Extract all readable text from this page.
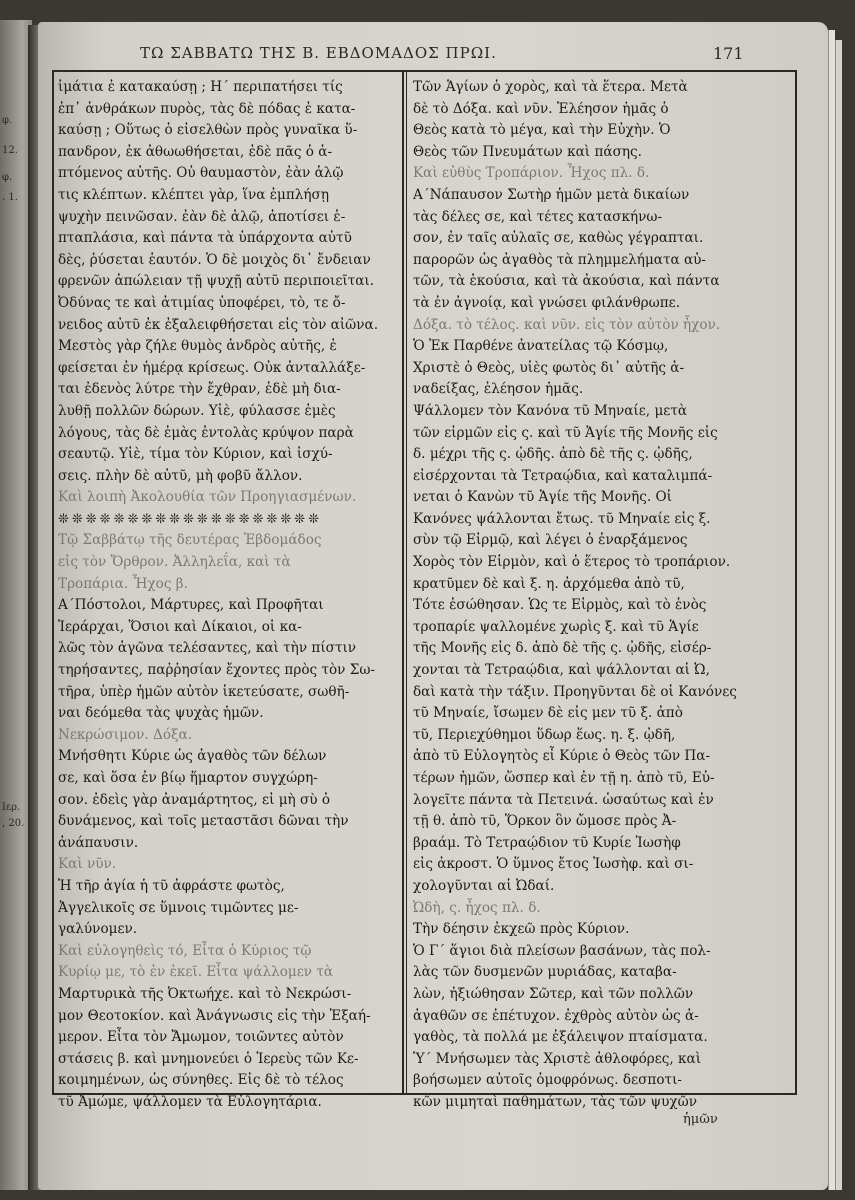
φ.
12.
φ.
. 1.
Ιερ.
, 20.
ΤΩ ΣΑΒΒΑΤΩ ΤΗΣ Β. ΕΒΔΟΜΑΔΟΣ ΠΡΩΙ.	171
ἱμάτια ἐ κατακαύσῃ ; Η΄ περιπατήσει τίς
ἐπ᾿ ἀνθράκων πυρὸς, τὰς δὲ πόδας ἐ κατα-
καύσῃ ; Οὕτως ὁ εἰσελθὼν πρὸς γυναῖκα ὕ-
πανδρον, ἐκ ἀθωωθήσεται, ἐδὲ πᾶς ὁ ἁ-
πτόμενος αὐτῆς. Οὐ θαυμαστὸν, ἐὰν ἁλῷ
τις κλέπτων. κλέπτει γὰρ, ἵνα ἐμπλήσῃ
ψυχὴν πεινῶσαν. ἐὰν δὲ ἁλῷ, ἀποτίσει ἑ-
πταπλάσια, καὶ πάντα τὰ ὑπάρχοντα αὐτῦ
δὲς, ῥύσεται ἑαυτόν. Ὁ δὲ μοιχὸς δι᾿ ἔνδειαν
φρενῶν ἀπώλειαν τῇ ψυχῇ αὐτῦ περιποιεῖται.
Ὀδύνας τε καὶ ἀτιμίας ὑποφέρει, τὸ, τε ὄ-
νειδος αὐτῦ ἐκ ἐξαλειφθήσεται εἰς τὸν αἰῶνα.
Μεστὸς γὰρ ζήλε θυμὸς ἀνδρὸς αὐτῆς, ἐ
φείσεται ἐν ἡμέρᾳ κρίσεως. Οὐκ ἀνταλλάξε-
ται ἐδενὸς λύτρε τὴν ἔχθραν, ἐδὲ μὴ δια-
λυθῇ πολλῶν δώρων. Υἱὲ, φύλασσε ἐμὲς
λόγους, τὰς δὲ ἐμὰς ἐντολὰς κρύψον παρὰ
σεαυτῷ. Υἱὲ, τίμα τὸν Κύριον, καὶ ἰσχύ-
σεις. πλὴν δὲ αὐτῦ, μὴ φοβῦ ἄλλον.
Καὶ λοιπὴ Ἀκολουθία τῶν Προηγιασμένων.
❊❊❊❊❊❊❊❊❊❊❊❊❊❊❊❊❊❊❊
Τῷ Σαββάτῳ τῆς δευτέρας Ἑβδομάδος
εἰς τὸν Ὄρθρον. Ἀλληλεΐα, καὶ τὰ
Τροπάρια. Ἦχος β.
Α΄Πόστολοι, Μάρτυρες, καὶ Προφῆται
Ἱεράρχαι, Ὅσιοι καὶ Δίκαιοι, οἱ κα-
λῶς τὸν ἀγῶνα τελέσαντες, καὶ τὴν πίστιν
τηρήσαντες, παῤῥησίαν ἔχοντες πρὸς τὸν Σω-
τῆρα, ὑπὲρ ἡμῶν αὐτὸν ἱκετεύσατε, σωθῆ-
ναι δεόμεθα τὰς ψυχὰς ἡμῶν.
Νεκρώσιμον. Δόξα.
Μνήσθητι Κύριε ὡς ἀγαθὸς τῶν δέλων
σε, καὶ ὅσα ἐν βίῳ ἥμαρτον συγχώρη-
σον. ἐδεὶς γὰρ ἀναμάρτητος, εἰ μὴ σὺ ὁ
δυνάμενος, καὶ τοῖς μεταστᾶσι δῶναι τὴν
ἀνάπαυσιν.
Καὶ νῦν.
Ἡ τῆρ ἁγία ἡ τῦ ἀφράστε φωτὸς,
Ἀγγελικοῖς σε ὕμνοις τιμῶντες με-
γαλύνομεν.
Καὶ εὐλογηθεὶς τό, Εἶτα ὁ Κύριος τῷ
Κυρίῳ με, τὸ ἐν ἐκεῖ. Εἶτα ψάλλομεν τὰ
Μαρτυρικὰ τῆς Ὀκτωήχε. καὶ τὸ Νεκρώσι-
μον Θεοτοκίον. καὶ Ἀνάγνωσις εἰς τὴν Ἑξαή-
μερον. Εἶτα τὸν Ἄμωμον, τοιῶντες αὐτὸν
στάσεις β. καὶ μνημονεύει ὁ Ἱερεὺς τῶν Κε-
κοιμημένων, ὡς σύνηθες. Εἰς δὲ τὸ τέλος
τῦ Ἀμώμε, ψάλλομεν τὰ Εὐλογητάρια.
Τῶν Ἁγίων ὁ χορὸς, καὶ τὰ ἕτερα. Μετὰ
δὲ τὸ Δόξα. καὶ νῦν. Ἐλέησον ἡμᾶς ὁ
Θεὸς κατὰ τὸ μέγα, καὶ τὴν Εὐχὴν. Ὁ
Θεὸς τῶν Πνευμάτων καὶ πάσης.
Καὶ εὐθὺς Τροπάριον. Ἦχος πλ. δ.
Α΄Νάπαυσον Σωτὴρ ἡμῶν μετὰ δικαίων
τὰς δέλες σε, καὶ τέτες κατασκήνω-
σον, ἐν ταῖς αὐλαῖς σε, καθὼς γέγραπται.
παρορῶν ὡς ἀγαθὸς τὰ πλημμελήματα αὐ-
τῶν, τὰ ἑκούσια, καὶ τὰ ἀκούσια, καὶ πάντα
τὰ ἐν ἀγνοίᾳ, καὶ γνώσει φιλάνθρωπε.
Δόξα. τὸ τέλος. καὶ νῦν. εἰς τὸν αὐτὸν ἦχον.
Ὁ Ἐκ Παρθένε ἀνατείλας τῷ Κόσμῳ,
Χριστὲ ὁ Θεὸς, υἱὲς φωτὸς δι᾿ αὐτῆς ἀ-
ναδείξας, ἐλέησον ἡμᾶς.
Ψάλλομεν τὸν Κανόνα τῦ Μηναίε, μετὰ
τῶν εἱρμῶν εἰς ς. καὶ τῦ Ἁγίε τῆς Μονῆς εἰς
δ. μέχρι τῆς ς. ᾠδῆς. ἀπὸ δὲ τῆς ς. ᾠδῆς,
εἰσέρχονται τὰ Τετραῴδια, καὶ καταλιμπά-
νεται ὁ Κανὼν τῦ Ἁγίε τῆς Μονῆς. Οἱ
Κανόνες ψάλλονται ἔτως. τῦ Μηναίε εἰς ξ.
σὺν τῷ Εἱρμῷ, καὶ λέγει ὁ ἐναρξάμενος
Χορὸς τὸν Εἱρμὸν, καὶ ὁ ἕτερος τὸ τροπάριον.
κρατῦμεν δὲ καὶ ξ. η. ἀρχόμεθα ἀπὸ τῦ,
Τότε ἐσώθησαν. Ὡς τε Εἱρμὸς, καὶ τὸ ἑνὸς
τροπαρίε ψαλλομένε χωρὶς ξ. καὶ τῦ Ἁγίε
τῆς Μονῆς εἰς δ. ἀπὸ δὲ τῆς ς. ᾠδῆς, εἰσέρ-
χονται τὰ Τετραῴδια, καὶ ψάλλονται αἱ Ὠ,
δαὶ κατὰ τὴν τάξιν. Προηγῦνται δὲ οἱ Κανόνες
τῦ Μηναίε, ἴσωμεν δὲ εἰς μεν τῦ ξ. ἀπὸ
τῦ, Περιεχύθημοι ὕδωρ ἕως. η. ξ. ᾠδῆ,
ἀπὸ τῦ Εὐλογητὸς εἶ Κύριε ὁ Θεὸς τῶν Πα-
τέρων ἡμῶν, ὥσπερ καὶ ἐν τῇ η. ἀπὸ τῦ, Εὐ-
λογεῖτε πάντα τὰ Πετεινά. ὡσαύτως καὶ ἐν
τῇ θ. ἀπὸ τῦ, Ὅρκον ὃν ὤμοσε πρὸς Ἀ-
βραάμ. Τὸ Τετραῴδιον τῦ Κυρίε Ἰωσὴφ
εἰς ἀκροστ. Ὁ ὕμνος ἔτος Ἰωσὴφ. καὶ σι-
χολογῦνται αἱ Ὠδαί.
Ὠδὴ, ς. ἦχος πλ. δ.
Τὴν δέησιν ἐκχεῶ πρὸς Κύριον.
Ὁ Γ΄ ἅγιοι διὰ πλείσων βασάνων, τὰς πολ-
λὰς τῶν δυσμενῶν μυριάδας, καταβα-
λὼν, ἠξιώθησαν Σῶτερ, καὶ τῶν πολλῶν
ἀγαθῶν σε ἐπέτυχον. ἐχθρὸς αὐτὸν ὡς ἀ-
γαθὸς, τὰ πολλά με ἐξάλειψον πταίσματα.
Ὑ΄ Μνήσωμεν τὰς Χριστὲ ἀθλοφόρες, καὶ
βοήσωμεν αὐτοῖς ὁμοφρόνως. δεσποτι-
κῶν μιμηταὶ παθημάτων, τὰς τῶν ψυχῶν
ἡμῶν
